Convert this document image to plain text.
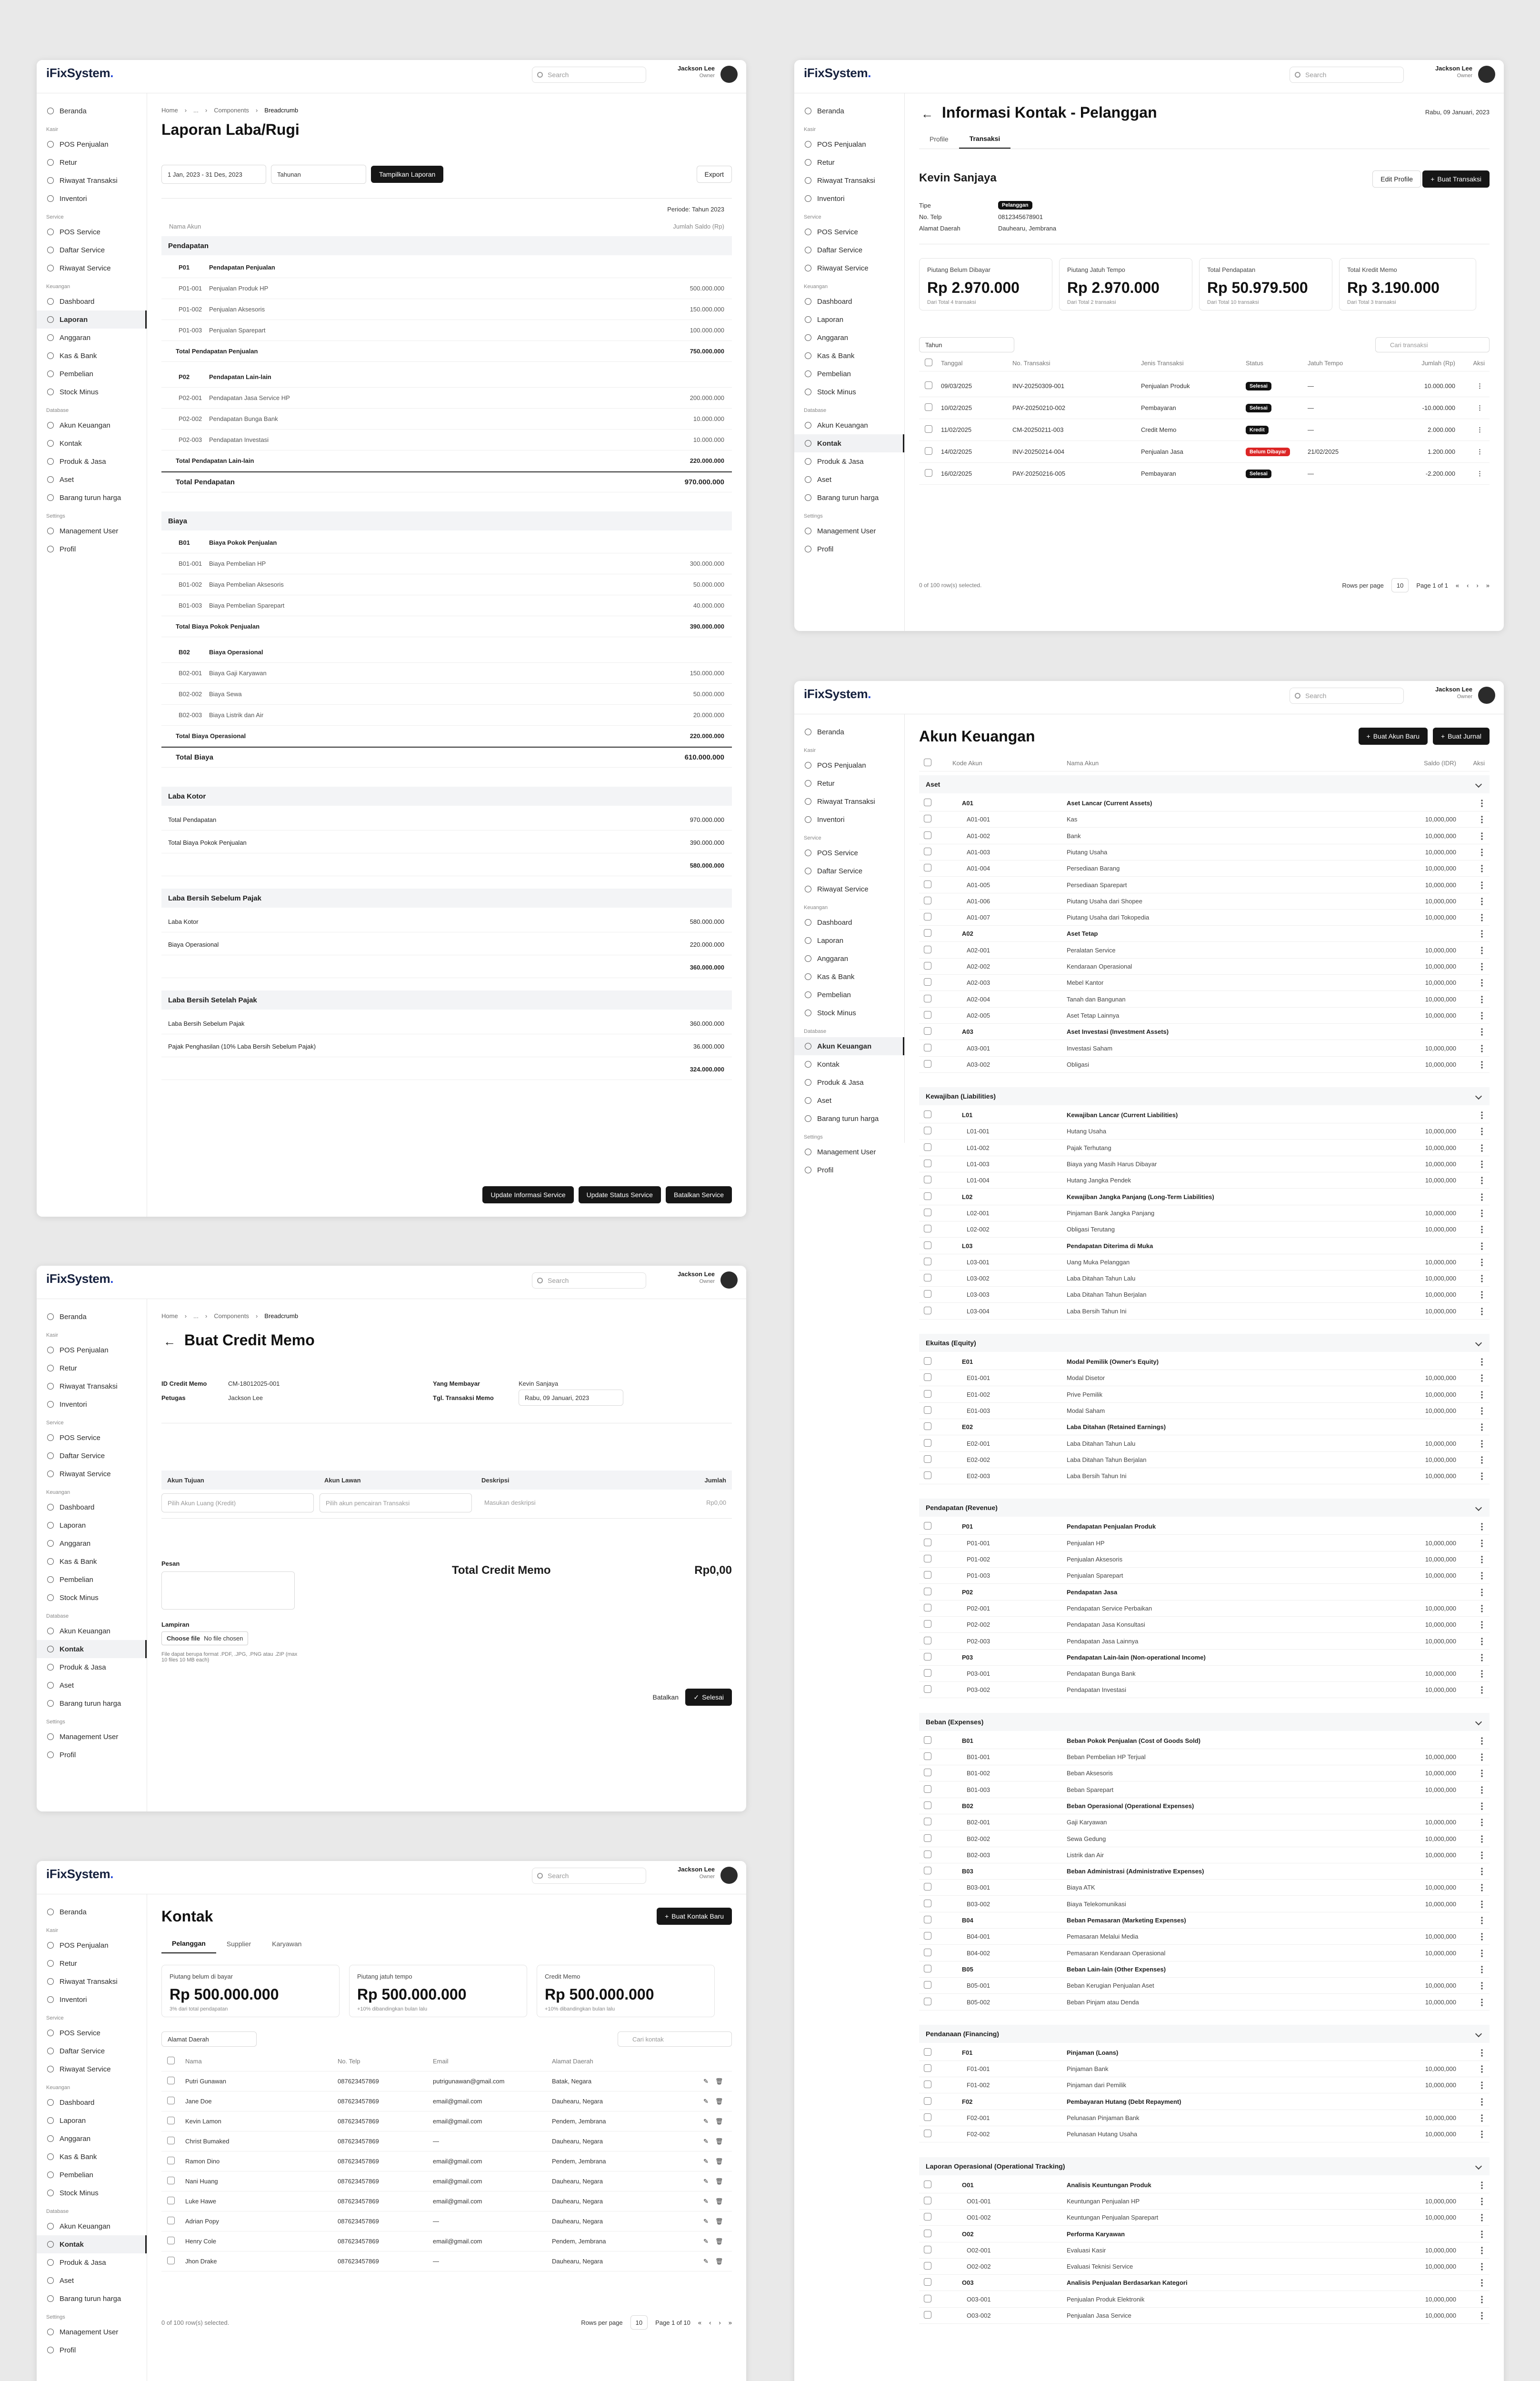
iFixSystem.	Search
Jackson Lee
Owner
Beranda
Kasir
POS Penjualan
Retur
Riwayat Transaksi
Inventori
Service
POS Service
Daftar Service
Riwayat Service
Keuangan
Dashboard
Laporan
Anggaran
Kas & Bank
Pembelian
Stock Minus
Database
Akun Keuangan
Kontak
Produk & Jasa
Aset
Barang turun harga
Settings
Management User
Profil
Home › ... › Components › Breadcrumb
Laporan Laba/Rugi
1 Jan, 2023 - 31 Des, 2023	Tahunan	Tampilkan Laporan	Export
Periode: Tahun 2023
Nama Akun	Jumlah Saldo (Rp)
Pendapatan
P01	Pendapatan Penjualan
P01-001	Penjualan Produk HP	500.000.000
P01-002	Penjualan Aksesoris	150.000.000
P01-003	Penjualan Sparepart	100.000.000
Total Pendapatan Penjualan	750.000.000
P02	Pendapatan Lain-lain
P02-001	Pendapatan Jasa Service HP	200.000.000
P02-002	Pendapatan Bunga Bank	10.000.000
P02-003	Pendapatan Investasi	10.000.000
Total Pendapatan Lain-lain	220.000.000
Total Pendapatan	970.000.000
Biaya
B01	Biaya Pokok Penjualan
B01-001	Biaya Pembelian HP	300.000.000
B01-002	Biaya Pembelian Aksesoris	50.000.000
B01-003	Biaya Pembelian Sparepart	40.000.000
Total Biaya Pokok Penjualan	390.000.000
B02	Biaya Operasional
B02-001	Biaya Gaji Karyawan	150.000.000
B02-002	Biaya Sewa	50.000.000
B02-003	Biaya Listrik dan Air	20.000.000
Total Biaya Operasional	220.000.000
Total Biaya	610.000.000
Laba Kotor
Total Pendapatan	970.000.000
Total Biaya Pokok Penjualan	390.000.000
580.000.000
Laba Bersih Sebelum Pajak
Laba Kotor	580.000.000
Biaya Operasional	220.000.000
360.000.000
Laba Bersih Setelah Pajak
Laba Bersih Sebelum Pajak	360.000.000
Pajak Penghasilan (10% Laba Bersih Sebelum Pajak)	36.000.000
324.000.000
Update Informasi Service	Update Status Service	Batalkan Service
iFixSystem.	Search
Jackson Lee
Owner
Beranda
Kasir
POS Penjualan
Retur
Riwayat Transaksi
Inventori
Service
POS Service
Daftar Service
Riwayat Service
Keuangan
Dashboard
Laporan
Anggaran
Kas & Bank
Pembelian
Stock Minus
Database
Akun Keuangan
Kontak
Produk & Jasa
Aset
Barang turun harga
Settings
Management User
Profil
Home › ... › Components › Breadcrumb
← Buat Credit Memo
ID Credit Memo	CM-18012025-001
Petugas	Jackson Lee
Yang Membayar	Kevin Sanjaya
Tgl. Transaksi Memo	Rabu, 09 Januari, 2023
Akun Tujuan	Akun Lawan	Deskripsi	Jumlah
Pilih Akun Luang (Kredit)	Pilih akun pencairan Transaksi	Masukan deskripsi	Rp0,00
Pesan
Total Credit Memo	Rp0,00
Lampiran
Choose file No file chosen
File dapat berupa format .PDF, .JPG, .PNG atau .ZIP (max 10 files 10 MB each)
Batalkan	✓ Selesai
iFixSystem.	Search
Jackson Lee
Owner
Beranda
Kasir
POS Penjualan
Retur
Riwayat Transaksi
Inventori
Service
POS Service
Daftar Service
Riwayat Service
Keuangan
Dashboard
Laporan
Anggaran
Kas & Bank
Pembelian
Stock Minus
Database
Akun Keuangan
Kontak
Produk & Jasa
Aset
Barang turun harga
Settings
Management User
Profil
Kontak	+ Buat Kontak Baru
Pelanggan	Supplier	Karyawan
Piutang belum di bayar
Rp 500.000.000
3% dari total pendapatan
Piutang jatuh tempo
Rp 500.000.000
+10% dibandingkan bulan lalu
Credit Memo
Rp 500.000.000
+10% dibandingkan bulan lalu
Alamat Daerah	Cari kontak
Nama	No. Telp	Email	Alamat Daerah
Putri Gunawan	087623457869	putrigunawan@gmail.com	Batak, Negara	✎ 🗑
Jane Doe	087623457869	email@gmail.com	Dauhearu, Negara	✎ 🗑
Kevin Lamon	087623457869	email@gmail.com	Pendem, Jembrana	✎ 🗑
Christ Bumaked	087623457869	—	Dauhearu, Negara	✎ 🗑
Ramon Dino	087623457869	email@gmail.com	Pendem, Jembrana	✎ 🗑
Nani Huang	087623457869	email@gmail.com	Dauhearu, Negara	✎ 🗑
Luke Hawe	087623457869	email@gmail.com	Dauhearu, Negara	✎ 🗑
Adrian Popy	087623457869	—	Dauhearu, Negara	✎ 🗑
Henry Cole	087623457869	email@gmail.com	Pendem, Jembrana	✎ 🗑
Jhon Drake	087623457869	—	Dauhearu, Negara	✎ 🗑
0 of 100 row(s) selected.	Rows per page	10	Page 1 of 10 « ‹ › »
iFixSystem.	Search
Jackson Lee
Owner
Beranda
Kasir
POS Penjualan
Retur
Riwayat Transaksi
Inventori
Service
POS Service
Daftar Service
Riwayat Service
Keuangan
Dashboard
Laporan
Anggaran
Kas & Bank
Pembelian
Stock Minus
Database
Akun Keuangan
Kontak
Produk & Jasa
Aset
Barang turun harga
Settings
Management User
Profil
← Informasi Kontak - Pelanggan	Rabu, 09 Januari, 2023
Profile	Transaksi
Kevin Sanjaya	Edit Profile	+ Buat Transaksi
Tipe	Pelanggan
No. Telp	0812345678901
Alamat Daerah	Dauhearu, Jembrana
Piutang Belum Dibayar
Rp 2.970.000
Dari Total 4 transaksi
Piutang Jatuh Tempo
Rp 2.970.000
Dari Total 2 transaksi
Total Pendapatan
Rp 50.979.500
Dari Total 10 transaksi
Total Kredit Memo
Rp 3.190.000
Dari Total 3 transaksi
Tahun	Cari transaksi
Tanggal	No. Transaksi	Jenis Transaksi	Status	Jatuh Tempo	Jumlah (Rp)	Aksi
09/03/2025	INV-20250309-001	Penjualan Produk	Selesai	—	10.000.000	⋮
10/02/2025	PAY-20250210-002	Pembayaran	Selesai	—	-10.000.000	⋮
11/02/2025	CM-20250211-003	Credit Memo	Kredit	—	2.000.000	⋮
14/02/2025	INV-20250214-004	Penjualan Jasa	Belum Dibayar	21/02/2025	1.200.000	⋮
16/02/2025	PAY-20250216-005	Pembayaran	Selesai	—	-2.200.000	⋮
0 of 100 row(s) selected.	Rows per page	10	Page 1 of 1 « ‹ › »
iFixSystem.	Search
Jackson Lee
Owner
Beranda
Kasir
POS Penjualan
Retur
Riwayat Transaksi
Inventori
Service
POS Service
Daftar Service
Riwayat Service
Keuangan
Dashboard
Laporan
Anggaran
Kas & Bank
Pembelian
Stock Minus
Database
Akun Keuangan
Kontak
Produk & Jasa
Aset
Barang turun harga
Settings
Management User
Profil
Akun Keuangan	+ Buat Akun Baru	+ Buat Jurnal
Kode Akun	Nama Akun	Saldo (IDR)	Aksi
Aset
A01	Aset Lancar (Current Assets)
A01-001	Kas	10,000,000
A01-002	Bank	10,000,000
A01-003	Piutang Usaha	10,000,000
A01-004	Persediaan Barang	10,000,000
A01-005	Persediaan Sparepart	10,000,000
A01-006	Piutang Usaha dari Shopee	10,000,000
A01-007	Piutang Usaha dari Tokopedia	10,000,000
A02	Aset Tetap
A02-001	Peralatan Service	10,000,000
A02-002	Kendaraan Operasional	10,000,000
A02-003	Mebel Kantor	10,000,000
A02-004	Tanah dan Bangunan	10,000,000
A02-005	Aset Tetap Lainnya	10,000,000
A03	Aset Investasi (Investment Assets)
A03-001	Investasi Saham	10,000,000
A03-002	Obligasi	10,000,000
Kewajiban (Liabilities)
L01	Kewajiban Lancar (Current Liabilities)
L01-001	Hutang Usaha	10,000,000
L01-002	Pajak Terhutang	10,000,000
L01-003	Biaya yang Masih Harus Dibayar	10,000,000
L01-004	Hutang Jangka Pendek	10,000,000
L02	Kewajiban Jangka Panjang (Long-Term Liabilities)
L02-001	Pinjaman Bank Jangka Panjang	10,000,000
L02-002	Obligasi Terutang	10,000,000
L03	Pendapatan Diterima di Muka
L03-001	Uang Muka Pelanggan	10,000,000
L03-002	Laba Ditahan Tahun Lalu	10,000,000
L03-003	Laba Ditahan Tahun Berjalan	10,000,000
L03-004	Laba Bersih Tahun Ini	10,000,000
Ekuitas (Equity)
E01	Modal Pemilik (Owner's Equity)
E01-001	Modal Disetor	10,000,000
E01-002	Prive Pemilik	10,000,000
E01-003	Modal Saham	10,000,000
E02	Laba Ditahan (Retained Earnings)
E02-001	Laba Ditahan Tahun Lalu	10,000,000
E02-002	Laba Ditahan Tahun Berjalan	10,000,000
E02-003	Laba Bersih Tahun Ini	10,000,000
Pendapatan (Revenue)
P01	Pendapatan Penjualan Produk
P01-001	Penjualan HP	10,000,000
P01-002	Penjualan Aksesoris	10,000,000
P01-003	Penjualan Sparepart	10,000,000
P02	Pendapatan Jasa
P02-001	Pendapatan Service Perbaikan	10,000,000
P02-002	Pendapatan Jasa Konsultasi	10,000,000
P02-003	Pendapatan Jasa Lainnya	10,000,000
P03	Pendapatan Lain-lain (Non-operational Income)
P03-001	Pendapatan Bunga Bank	10,000,000
P03-002	Pendapatan Investasi	10,000,000
Beban (Expenses)
B01	Beban Pokok Penjualan (Cost of Goods Sold)
B01-001	Beban Pembelian HP Terjual	10,000,000
B01-002	Beban Aksesoris	10,000,000
B01-003	Beban Sparepart	10,000,000
B02	Beban Operasional (Operational Expenses)
B02-001	Gaji Karyawan	10,000,000
B02-002	Sewa Gedung	10,000,000
B02-003	Listrik dan Air	10,000,000
B03	Beban Administrasi (Administrative Expenses)
B03-001	Biaya ATK	10,000,000
B03-002	Biaya Telekomunikasi	10,000,000
B04	Beban Pemasaran (Marketing Expenses)
B04-001	Pemasaran Melalui Media	10,000,000
B04-002	Pemasaran Kendaraan Operasional	10,000,000
B05	Beban Lain-lain (Other Expenses)
B05-001	Beban Kerugian Penjualan Aset	10,000,000
B05-002	Beban Pinjam atau Denda	10,000,000
Pendanaan (Financing)
F01	Pinjaman (Loans)
F01-001	Pinjaman Bank	10,000,000
F01-002	Pinjaman dari Pemilik	10,000,000
F02	Pembayaran Hutang (Debt Repayment)
F02-001	Pelunasan Pinjaman Bank	10,000,000
F02-002	Pelunasan Hutang Usaha	10,000,000
Laporan Operasional (Operational Tracking)
O01	Analisis Keuntungan Produk
O01-001	Keuntungan Penjualan HP	10,000,000
O01-002	Keuntungan Penjualan Sparepart	10,000,000
O02	Performa Karyawan
O02-001	Evaluasi Kasir	10,000,000
O02-002	Evaluasi Teknisi Service	10,000,000
O03	Analisis Penjualan Berdasarkan Kategori
O03-001	Penjualan Produk Elektronik	10,000,000
O03-002	Penjualan Jasa Service	10,000,000
